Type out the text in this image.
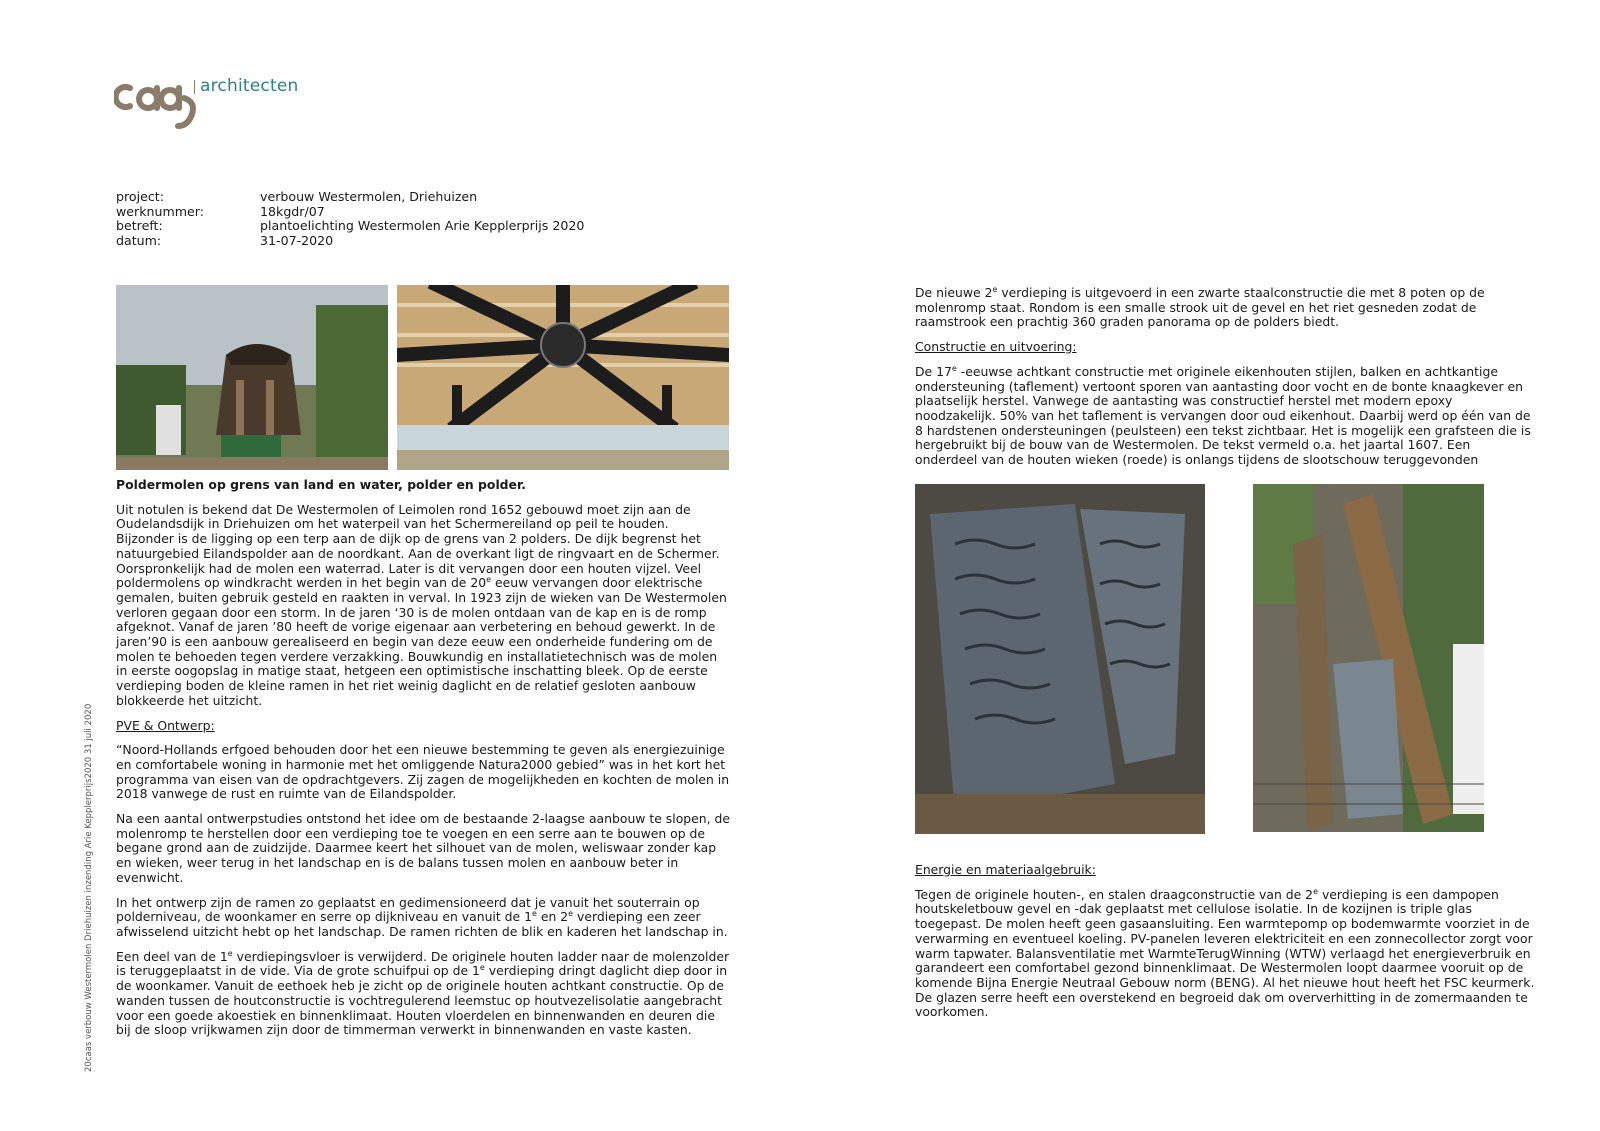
architecten
project:	verbouw Westermolen, Driehuizen
werknummer:	18kgdr/07
betreft:	plantoelichting Westermolen Arie Kepplerprijs 2020
datum:	31-07-2020

Poldermolen op grens van land en water, polder en polder.

Uit notulen is bekend dat De Westermolen of Leimolen rond 1652 gebouwd moet zijn aan de Oudelandsdijk in Driehuizen om het waterpeil van het Schermereiland op peil te houden. Bijzonder is de ligging op een terp aan de dijk op de grens van 2 polders. De dijk begrenst het natuurgebied Eilandspolder aan de noordkant. Aan de overkant ligt de ringvaart en de Schermer. Oorspronkelijk had de molen een waterrad. Later is dit vervangen door een houten vijzel. Veel poldermolens op windkracht werden in het begin van de 20e eeuw vervangen door elektrische gemalen, buiten gebruik gesteld en raakten in verval. In 1923 zijn de wieken van De Westermolen verloren gegaan door een storm. In de jaren ‘30 is de molen ontdaan van de kap en is de romp afgeknot. Vanaf de jaren ’80 heeft de vorige eigenaar aan verbetering en behoud gewerkt. In de jaren’90 is een aanbouw gerealiseerd en begin van deze eeuw een onderheide fundering om de molen te behoeden tegen verdere verzakking. Bouwkundig en installatietechnisch was de molen in eerste oogopslag in matige staat, hetgeen een optimistische inschatting bleek. Op de eerste verdieping boden de kleine ramen in het riet weinig daglicht en de relatief gesloten aanbouw blokkeerde het uitzicht.

PVE & Ontwerp:

“Noord-Hollands erfgoed behouden door het een nieuwe bestemming te geven als energiezuinige en comfortabele woning in harmonie met het omliggende Natura2000 gebied” was in het kort het programma van eisen van de opdrachtgevers. Zij zagen de mogelijkheden en kochten de molen in 2018 vanwege de rust en ruimte van de Eilandspolder.

Na een aantal ontwerpstudies ontstond het idee om de bestaande 2-laagse aanbouw te slopen, de molenromp te herstellen door een verdieping toe te voegen en een serre aan te bouwen op de begane grond aan de zuidzijde. Daarmee keert het silhouet van de molen, weliswaar zonder kap en wieken, weer terug in het landschap en is de balans tussen molen en aanbouw beter in evenwicht.

In het ontwerp zijn de ramen zo geplaatst en gedimensioneerd dat je vanuit het souterrain op polderniveau, de woonkamer en serre op dijkniveau en vanuit de 1e en 2e verdieping een zeer afwisselend uitzicht hebt op het landschap. De ramen richten de blik en kaderen het landschap in.

Een deel van de 1e verdiepingsvloer is verwijderd. De originele houten ladder naar de molenzolder is teruggeplaatst in de vide. Via de grote schuifpui op de 1e verdieping dringt daglicht diep door in de woonkamer. Vanuit de eethoek heb je zicht op de originele houten achtkant constructie. Op de wanden tussen de houtconstructie is vochtregulerend leemstuc op houtvezelisolatie aangebracht voor een goede akoestiek en binnenklimaat. Houten vloerdelen en binnenwanden en deuren die bij de sloop vrijkwamen zijn door de timmerman verwerkt in binnenwanden en vaste kasten.

De nieuwe 2e verdieping is uitgevoerd in een zwarte staalconstructie die met 8 poten op de molenromp staat. Rondom is een smalle strook uit de gevel en het riet gesneden zodat de raamstrook een prachtig 360 graden panorama op de polders biedt.

Constructie en uitvoering:

De 17e -eeuwse achtkant constructie met originele eikenhouten stijlen, balken en achtkantige ondersteuning (taflement) vertoont sporen van aantasting door vocht en de bonte knaagkever en plaatselijk herstel. Vanwege de aantasting was constructief herstel met modern epoxy noodzakelijk. 50% van het taflement is vervangen door oud eikenhout. Daarbij werd op één van de 8 hardstenen ondersteuningen (peulsteen) een tekst zichtbaar. Het is mogelijk een grafsteen die is hergebruikt bij de bouw van de Westermolen. De tekst vermeld o.a. het jaartal 1607. Een onderdeel van de houten wieken (roede) is onlangs tijdens de slootschouw teruggevonden

Energie en materiaalgebruik:

Tegen de originele houten-, en stalen draagconstructie van de 2e verdieping is een dampopen houtskeletbouw gevel en -dak geplaatst met cellulose isolatie. In de kozijnen is triple glas toegepast. De molen heeft geen gasaansluiting. Een warmtepomp op bodemwarmte voorziet in de verwarming en eventueel koeling. PV-panelen leveren elektriciteit en een zonnecollector zorgt voor warm tapwater. Balansventilatie met WarmteTerugWinning (WTW) verlaagd het energieverbruik en garandeert een comfortabel gezond binnenklimaat. De Westermolen loopt daarmee vooruit op de komende Bijna Energie Neutraal Gebouw norm (BENG). Al het nieuwe hout heeft het FSC keurmerk. De glazen serre heeft een overstekend en begroeid dak om oververhitting in de zomermaanden te voorkomen.

20caas verbouw Westermolen Driehuizen inzending Arie Kepplerprijs2020 31 juli 2020
